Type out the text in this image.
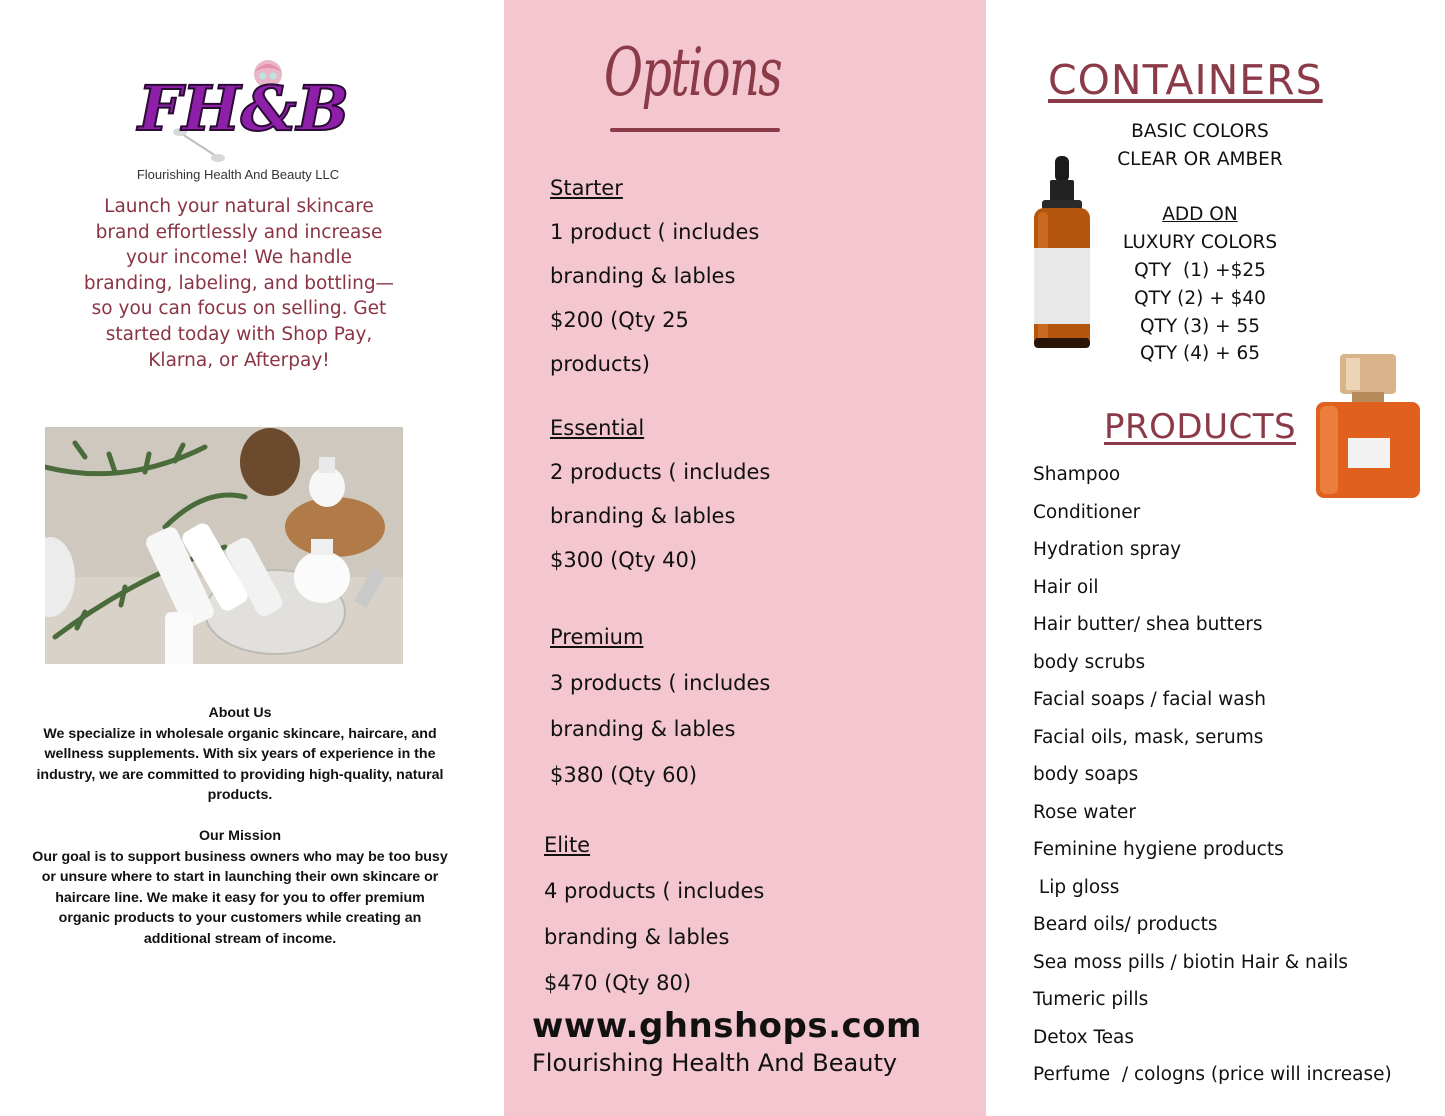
FH&B
Flourishing Health And Beauty LLC
Launch your natural skincare brand effortlessly and increase your income! We handle branding, labeling, and bottling—so you can focus on selling. Get started today with Shop Pay, Klarna, or Afterpay!
About Us
We specialize in wholesale organic skincare, haircare, and wellness supplements. With six years of experience in the industry, we are committed to providing high-quality, natural products.
Our Mission
Our goal is to support business owners who may be too busy or unsure where to start in launching their own skincare or haircare line. We make it easy for you to offer premium organic products to your customers while creating an additional stream of income.
Options
Starter
1 product ( includes
branding & lables
$200 (Qty 25
products)
Essential
2 products ( includes
branding & lables
$300 (Qty 40)
Premium
3 products ( includes
branding & lables
$380 (Qty 60)
Elite
4 products ( includes
branding & lables
$470 (Qty 80)
www.ghnshops.com
Flourishing Health And Beauty
CONTAINERS
BASIC COLORS
CLEAR OR AMBER

ADD ON
LUXURY COLORS
QTY  (1) +$25
QTY (2) + $40
QTY (3) + 55
QTY (4) + 65
PRODUCTS
Shampoo
Conditioner
Hydration spray
Hair oil
Hair butter/ shea butters
body scrubs
Facial soaps / facial wash
Facial oils, mask, serums
body soaps
Rose water
Feminine hygiene products
Lip gloss
Beard oils/ products
Sea moss pills / biotin Hair & nails
Tumeric pills
Detox Teas
Perfume  / cologns (price will increase)
